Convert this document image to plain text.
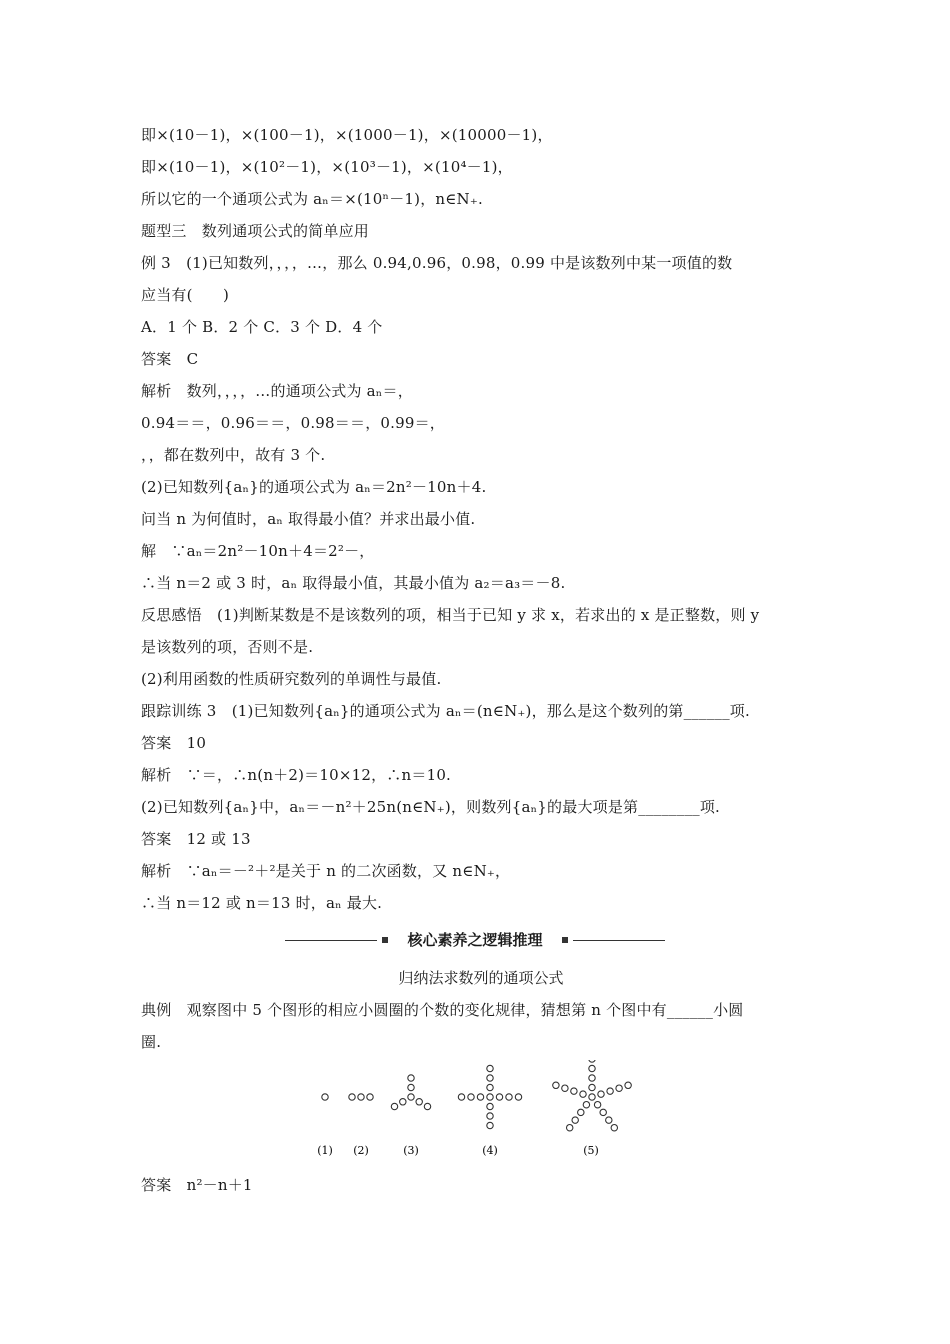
即×(10－1)，×(100－1)，×(1000－1)，×(10000－1)，
即×(10－1)，×(10²－1)，×(10³－1)，×(10⁴－1)，
所以它的一个通项公式为 aₙ＝×(10ⁿ－1)，n∈N₊.
题型三　数列通项公式的简单应用
例 3　(1)已知数列，，，，…，那么 0.94,0.96，0.98，0.99 中是该数列中某一项值的数
应当有(　　)
A．1 个 B．2 个 C．3 个 D．4 个
答案　C
解析　数列，，，，…的通项公式为 aₙ＝，
0.94＝＝，0.96＝＝，0.98＝＝，0.99＝，
，，都在数列中，故有 3 个.
(2)已知数列{aₙ}的通项公式为 aₙ＝2n²－10n＋4.
问当 n 为何值时，aₙ 取得最小值？并求出最小值.
解　∵aₙ＝2n²－10n＋4＝2²－，
∴当 n＝2 或 3 时，aₙ 取得最小值，其最小值为 a₂＝a₃＝－8.
反思感悟　(1)判断某数是不是该数列的项，相当于已知 y 求 x，若求出的 x 是正整数，则 y
是该数列的项，否则不是.
(2)利用函数的性质研究数列的单调性与最值.
跟踪训练 3　(1)已知数列{aₙ}的通项公式为 aₙ＝(n∈N₊)，那么是这个数列的第______项.
答案　10
解析　∵＝，∴n(n＋2)＝10×12，∴n＝10.
(2)已知数列{aₙ}中，aₙ＝－n²＋25n(n∈N₊)，则数列{aₙ}的最大项是第________项.
答案　12 或 13
解析　∵aₙ＝－²＋²是关于 n 的二次函数，又 n∈N₊，
∴当 n＝12 或 n＝13 时，aₙ 最大.
核心素养之逻辑推理
归纳法求数列的通项公式
典例　观察图中 5 个图形的相应小圆圈的个数的变化规律，猜想第 n 个图中有______小圆
圈.
(1) (2)	(3)	(4)	(5)
答案　n²－n＋1
